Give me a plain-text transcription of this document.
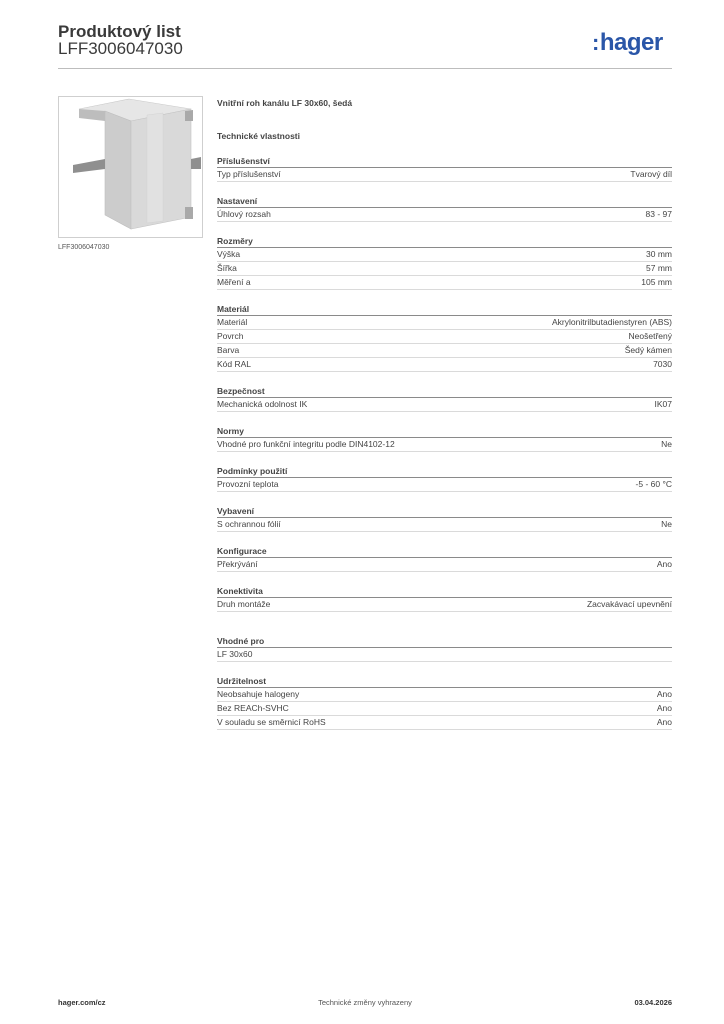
Produktový list
LFF3006047030	:hager
LFF3006047030
Vnitřní roh kanálu LF 30x60, šedá
Technické vlastnosti
Příslušenství
Typ příslušenství	Tvarový díl
Nastavení
Úhlový rozsah	83 - 97
Rozměry
Výška	30 mm
Šířka	57 mm
Měření a	105 mm
Materiál
Materiál	Akrylonitrilbutadienstyren (ABS)
Povrch	Neošetřený
Barva	Šedý kámen
Kód RAL	7030
Bezpečnost
Mechanická odolnost IK	IK07
Normy
Vhodné pro funkční integritu podle DIN4102-12	Ne
Podmínky použití
Provozní teplota	-5 - 60 °C
Vybavení
S ochrannou fólií	Ne
Konfigurace
Překrývání	Ano
Konektivita
Druh montáže	Zacvakávací upevnění
Vhodné pro
LF 30x60
Udržitelnost
Neobsahuje halogeny	Ano
Bez REACh-SVHC	Ano
V souladu se směrnicí RoHS	Ano
hager.com/cz	Technické změny vyhrazeny	03.04.2026
